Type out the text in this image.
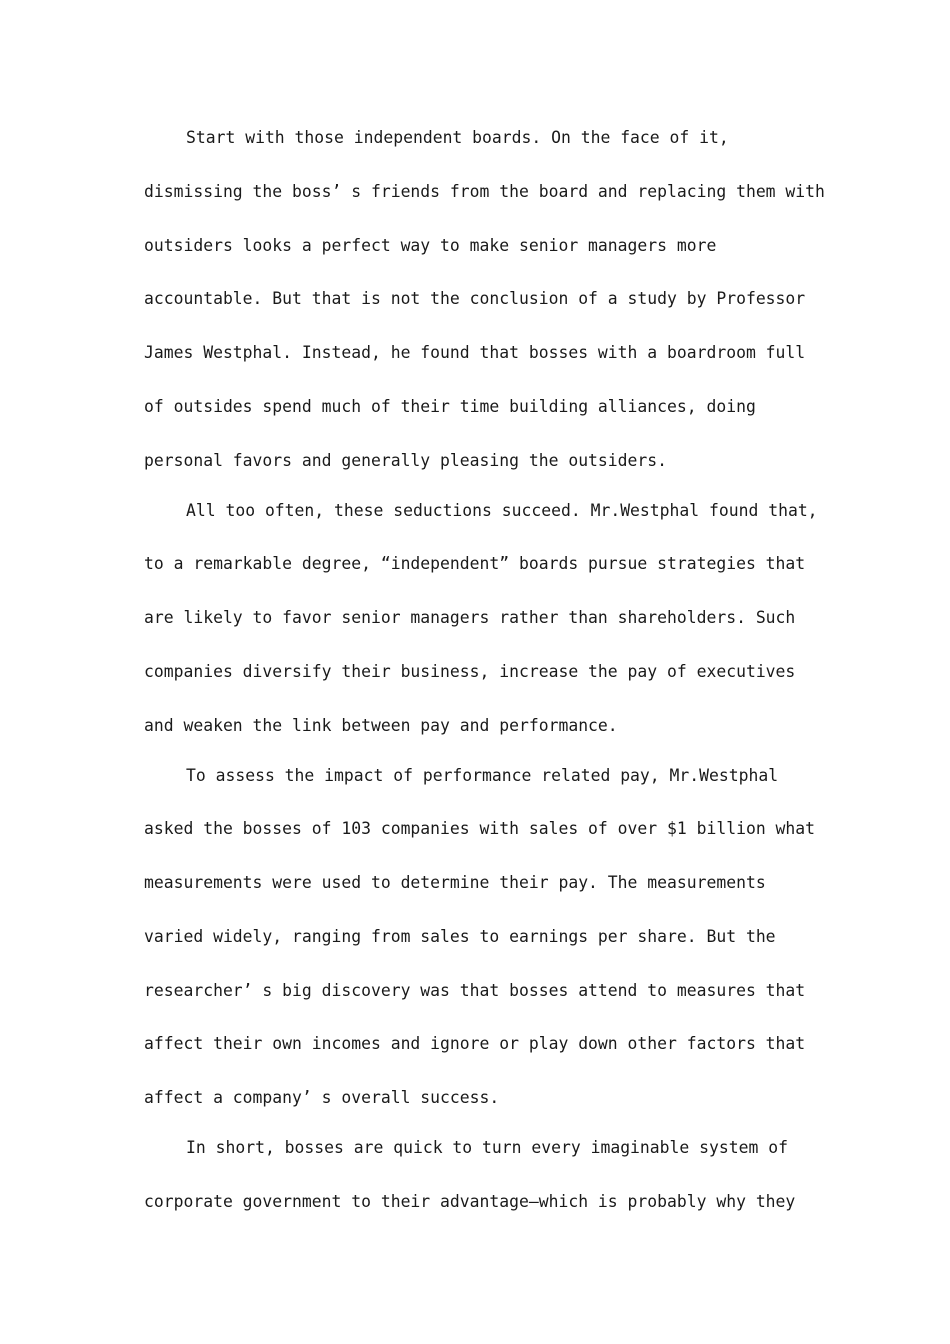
Start with those independent boards. On the face of it,

dismissing the boss’ s friends from the board and replacing them with

outsiders looks a perfect way to make senior managers more

accountable. But that is not the conclusion of a study by Professor

James Westphal. Instead, he found that bosses with a boardroom full

of outsides spend much of their time building alliances, doing

personal favors and generally pleasing the outsiders.

All too often, these seductions succeed. Mr.Westphal found that,

to a remarkable degree, “independent” boards pursue strategies that

are likely to favor senior managers rather than shareholders. Such

companies diversify their business, increase the pay of executives

and weaken the link between pay and performance.

To assess the impact of performance related pay, Mr.Westphal

asked the bosses of 103 companies with sales of over $1 billion what

measurements were used to determine their pay. The measurements

varied widely, ranging from sales to earnings per share. But the

researcher’ s big discovery was that bosses attend to measures that

affect their own incomes and ignore or play down other factors that

affect a company’ s overall success.

In short, bosses are quick to turn every imaginable system of

corporate government to their advantage—which is probably why they
